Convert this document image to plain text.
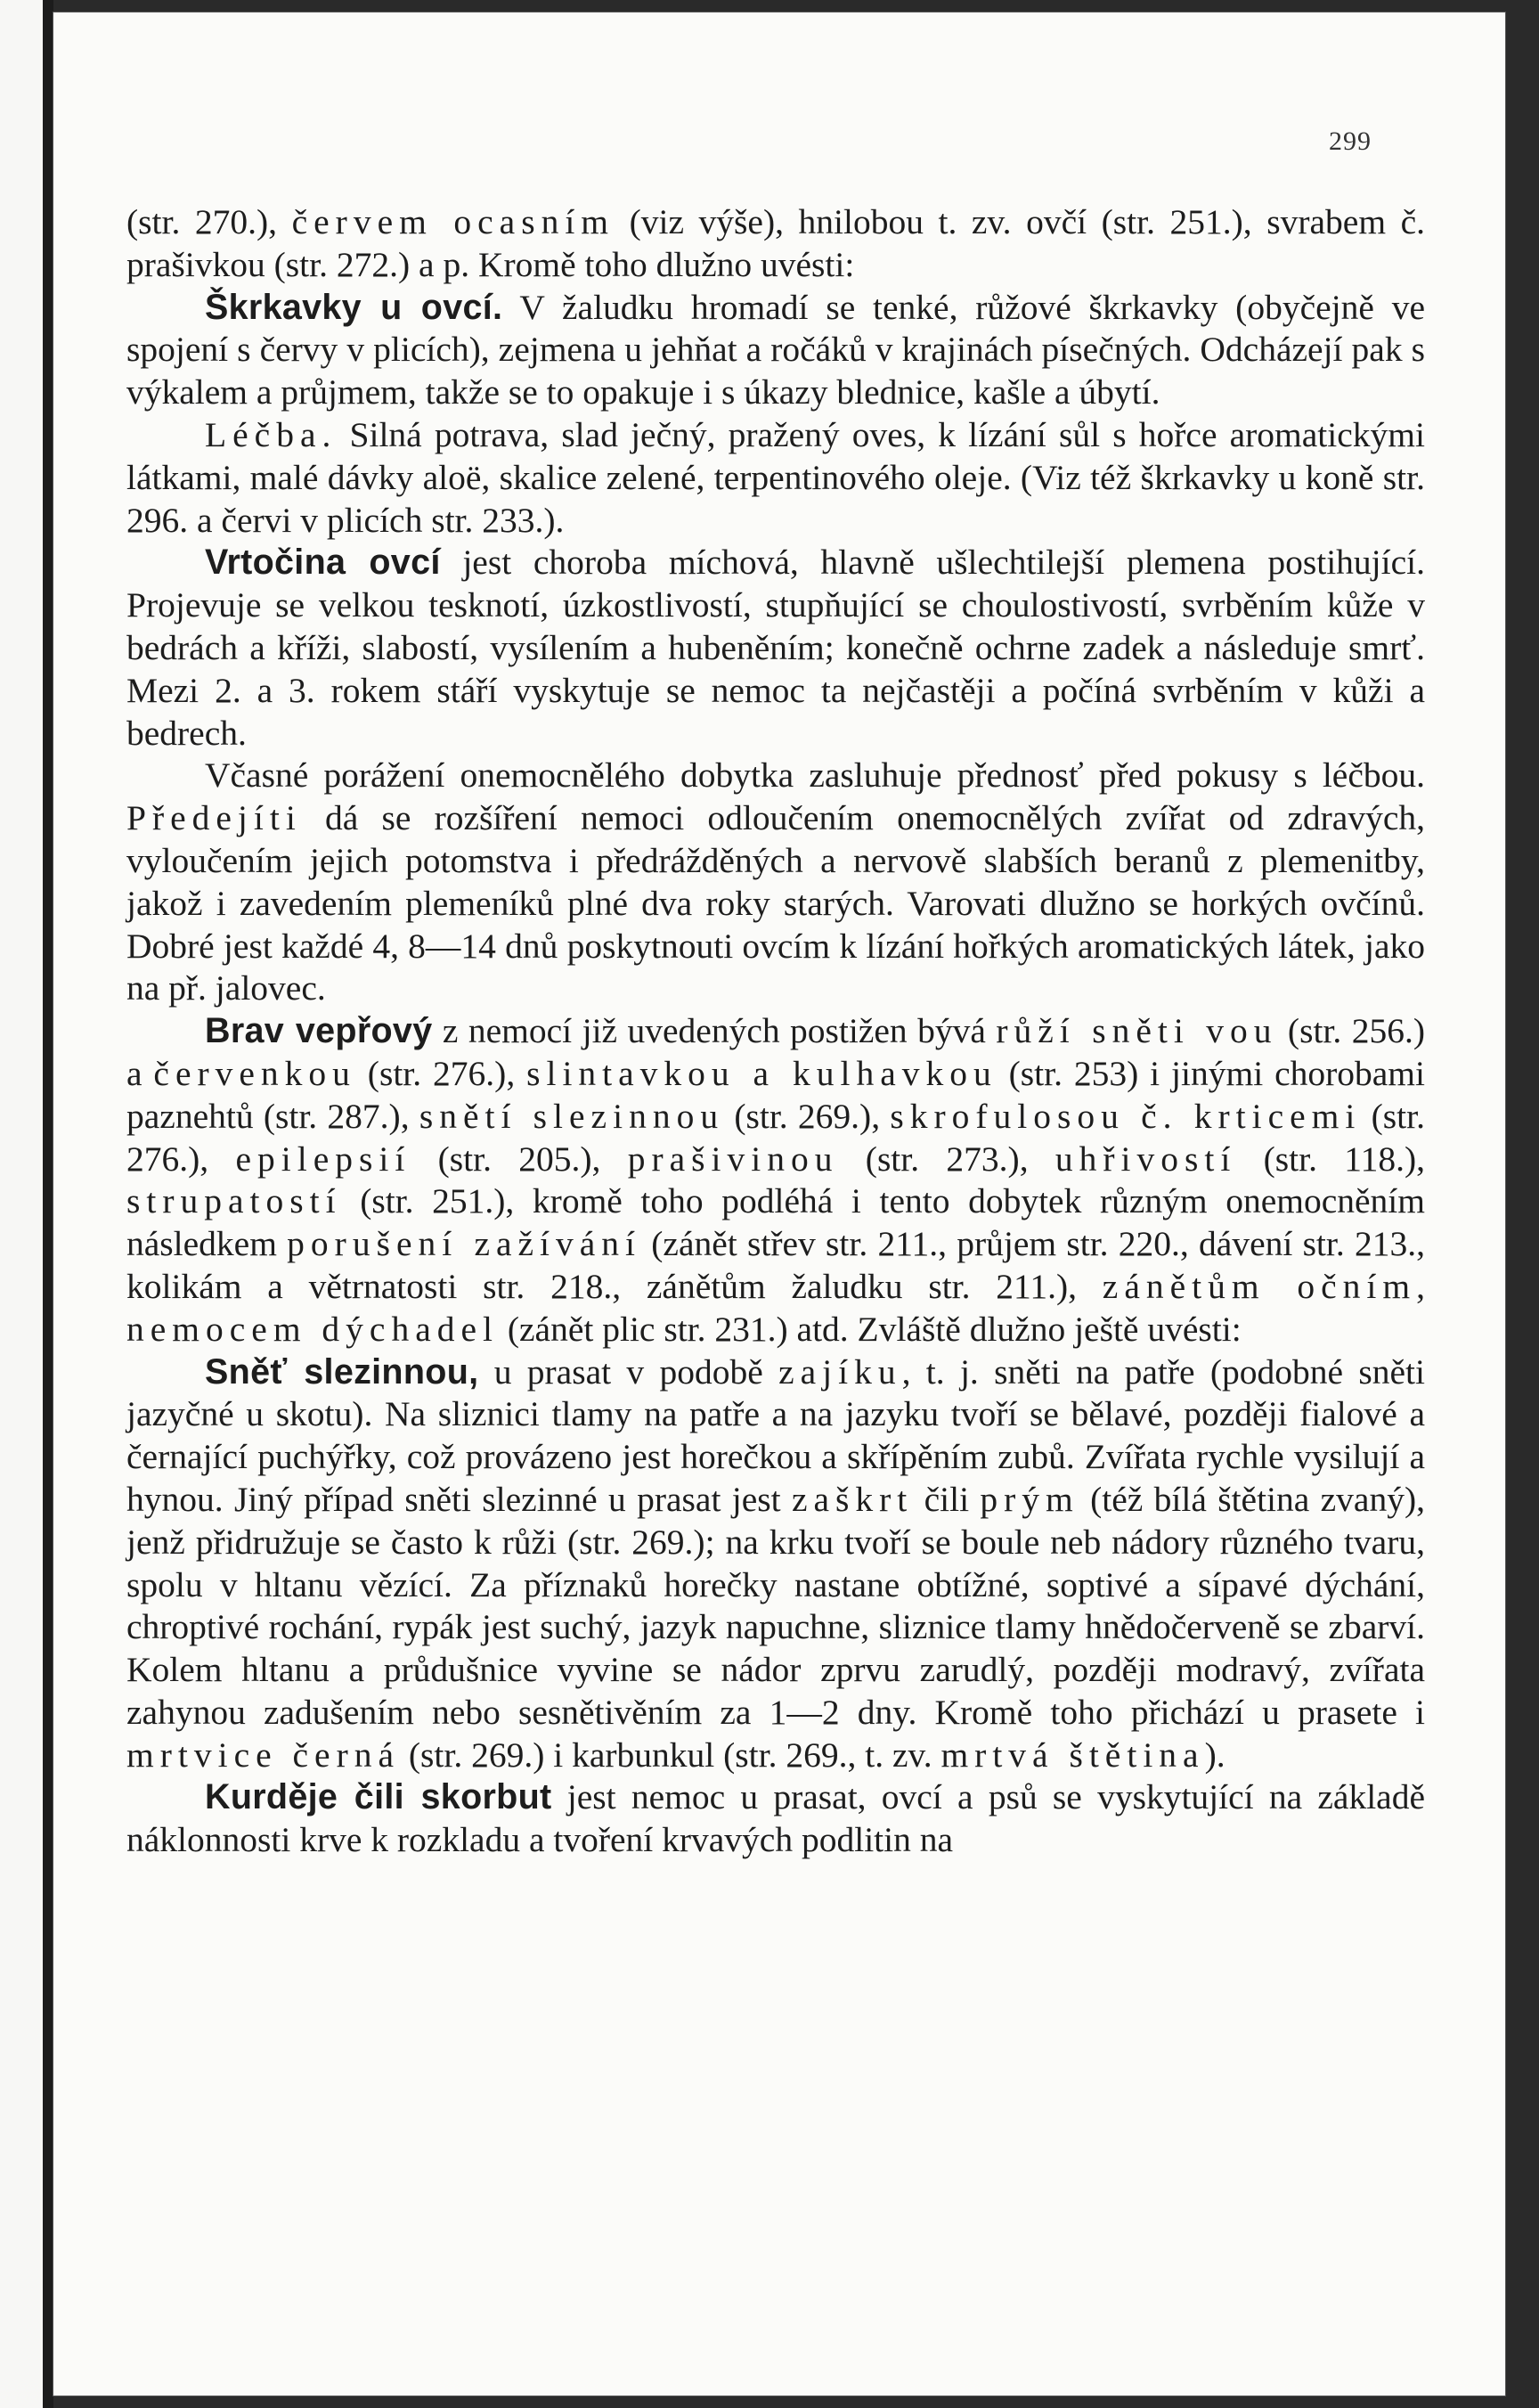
299

(str. 270.), červem ocasním (viz výše), hnilobou t. zv. ovčí (str. 251.), svrabem č. prašivkou (str. 272.) a p. Kromě toho dlužno uvésti:

Škrkavky u ovcí. V žaludku hromadí se tenké, růžové škrkavky (obyčejně ve spojení s červy v plicích), zejmena u jehňat a ročáků v krajinách písečných. Odcházejí pak s výkalem a průjmem, takže se to opakuje i s úkazy blednice, kašle a úbytí.

Léčba. Silná potrava, slad ječný, pražený oves, k lízání sůl s hořce aromatickými látkami, malé dávky aloë, skalice zelené, terpentinového oleje. (Viz též škrkavky u koně str. 296. a červi v plicích str. 233.).

Vrtočina ovcí jest choroba míchová, hlavně ušlechtilejší plemena postihující. Projevuje se velkou tesknotí, úzkostlivostí, stupňující se choulostivostí, svrběním kůže v bedrách a kříži, slabostí, vysílením a hubeněním; konečně ochrne zadek a následuje smrť. Mezi 2. a 3. rokem stáří vyskytuje se nemoc ta nejčastěji a počíná svrběním v kůži a bedrech.

Včasné porážení onemocnělého dobytka zasluhuje přednosť před pokusy s léčbou. Předejíti dá se rozšíření nemoci odloučením onemocnělých zvířat od zdravých, vyloučením jejich potomstva i předrážděných a nervově slabších beranů z plemenitby, jakož i zavedením plemeníků plné dva roky starých. Varovati dlužno se horkých ovčínů. Dobré jest každé 4, 8—14 dnů poskytnouti ovcím k lízání hořkých aromatických látek, jako na př. jalovec.

Brav vepřový z nemocí již uvedených postižen bývá růží sněti vou (str. 256.) a červenkou (str. 276.), slintavkou a kulhavkou (str. 253) i jinými chorobami paznehtů (str. 287.), snětí slezinnou (str. 269.), skrofulosou č. krticemi (str. 276.), epilepsií (str. 205.), prašivinou (str. 273.), uhřivostí (str. 118.), strupatostí (str. 251.), kromě toho podléhá i tento dobytek různým onemocněním následkem porušení zažívání (zánět střev str. 211., průjem str. 220., dávení str. 213., kolikám a větrnatosti str. 218., zánětům žaludku str. 211.), zánětům očním, nemocem dýchadel (zánět plic str. 231.) atd. Zvláště dlužno ještě uvésti:

Sněť slezinnou, u prasat v podobě zajíku, t. j. sněti na patře (podobné sněti jazyčné u skotu). Na sliznici tlamy na patře a na jazyku tvoří se bělavé, později fialové a černající puchýřky, což provázeno jest horečkou a skřípěním zubů. Zvířata rychle vysilují a hynou. Jiný případ sněti slezinné u prasat jest zaškrt čili prým (též bílá štětina zvaný), jenž přidružuje se často k růži (str. 269.); na krku tvoří se boule neb nádory různého tvaru, spolu v hltanu vězící. Za příznaků horečky nastane obtížné, soptivé a sípavé dýchání, chroptivé rochání, rypák jest suchý, jazyk napuchne, sliznice tlamy hnědočerveně se zbarví. Kolem hltanu a průdušnice vyvine se nádor zprvu zarudlý, později modravý, zvířata zahynou zadušením nebo sesnětivěním za 1—2 dny. Kromě toho přichází u prasete i mrtvice černá (str. 269.) i karbunkul (str. 269., t. zv. mrtvá štětina).

Kurděje čili skorbut jest nemoc u prasat, ovcí a psů se vyskytující na základě náklonnosti krve k rozkladu a tvoření krvavých podlitin na
